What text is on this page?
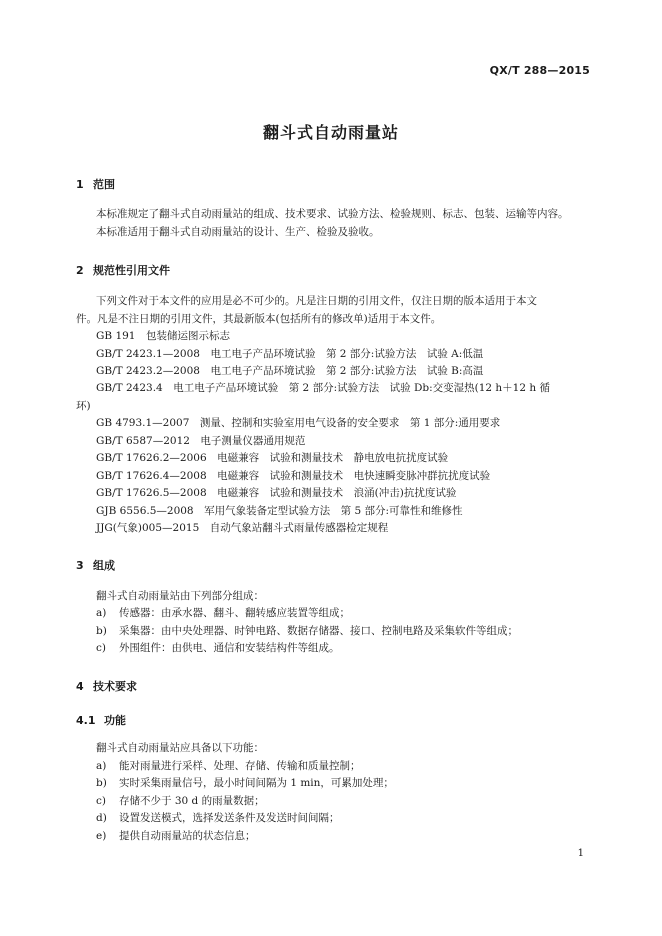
QX/T 288—2015
翻斗式自动雨量站
1 范围
本标准规定了翻斗式自动雨量站的组成、技术要求、试验方法、检验规则、标志、包装、运输等内容。
本标准适用于翻斗式自动雨量站的设计、生产、检验及验收。
2 规范性引用文件
下列文件对于本文件的应用是必不可少的。凡是注日期的引用文件，仅注日期的版本适用于本文
件。凡是不注日期的引用文件，其最新版本(包括所有的修改单)适用于本文件。
GB 191　包装储运图示标志
GB/T 2423.1—2008　电工电子产品环境试验　第 2 部分:试验方法　试验 A:低温
GB/T 2423.2—2008　电工电子产品环境试验　第 2 部分:试验方法　试验 B:高温
GB/T 2423.4　电工电子产品环境试验　第 2 部分:试验方法　试验 Db:交变湿热(12 h＋12 h 循
环)
GB 4793.1—2007　测量、控制和实验室用电气设备的安全要求　第 1 部分:通用要求
GB/T 6587—2012　电子测量仪器通用规范
GB/T 17626.2—2006　电磁兼容　试验和测量技术　静电放电抗扰度试验
GB/T 17626.4—2008　电磁兼容　试验和测量技术　电快速瞬变脉冲群抗扰度试验
GB/T 17626.5—2008　电磁兼容　试验和测量技术　浪涌(冲击)抗扰度试验
GJB 6556.5—2008　军用气象装备定型试验方法　第 5 部分:可靠性和维修性
JJG(气象)005—2015　自动气象站翻斗式雨量传感器检定规程
3 组成
翻斗式自动雨量站由下列部分组成：
a) 传感器：由承水器、翻斗、翻转感应装置等组成；
b) 采集器：由中央处理器、时钟电路、数据存储器、接口、控制电路及采集软件等组成；
c) 外围组件：由供电、通信和安装结构件等组成。
4 技术要求
4.1 功能
翻斗式自动雨量站应具备以下功能：
a) 能对雨量进行采样、处理、存储、传输和质量控制；
b) 实时采集雨量信号，最小时间间隔为 1 min，可累加处理；
c) 存储不少于 30 d 的雨量数据；
d) 设置发送模式，选择发送条件及发送时间间隔；
e) 提供自动雨量站的状态信息；
1
